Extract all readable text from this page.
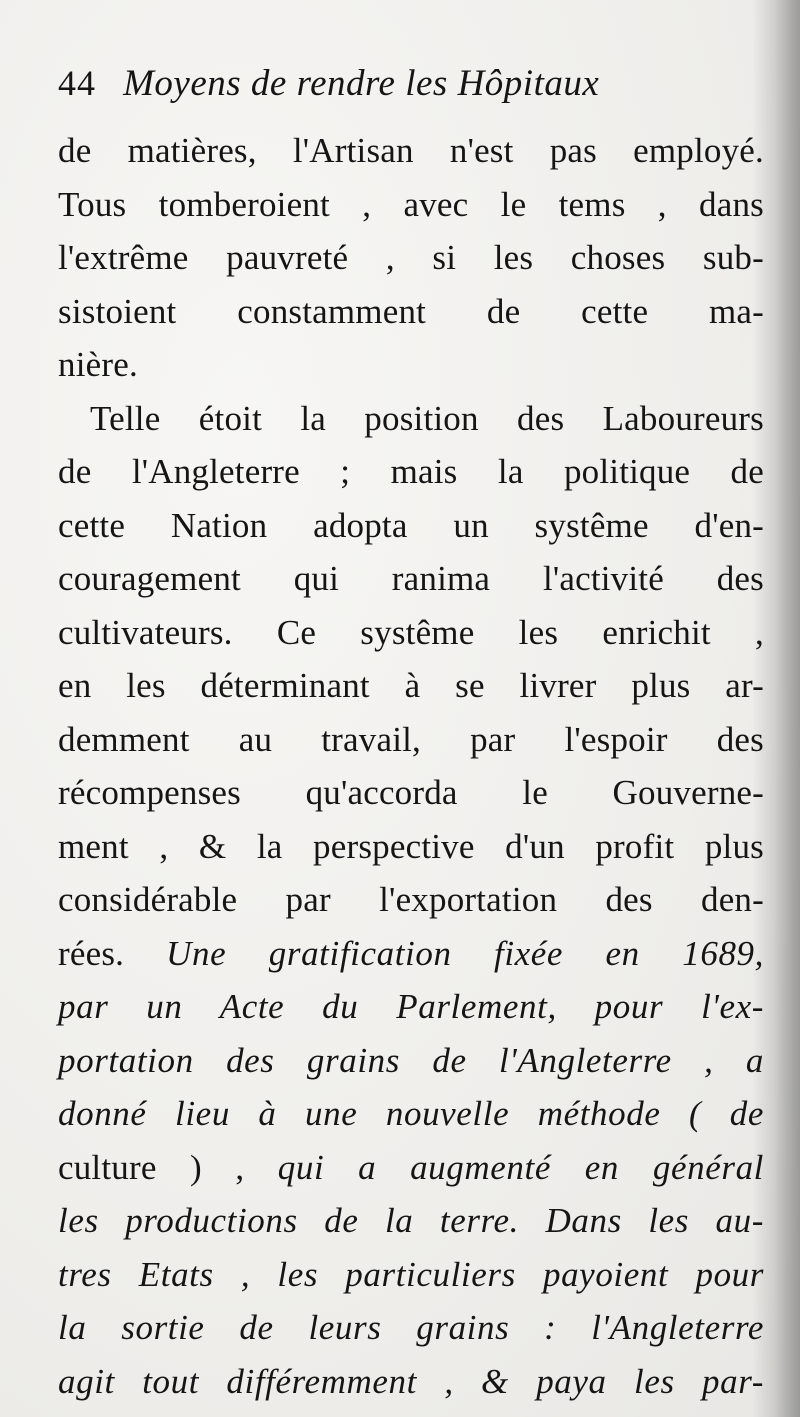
44 Moyens de rendre les Hôpitaux
de matières, l'Artisan n'est pas employé.
Tous tomberoient , avec le tems , dans
l'extrême pauvreté , si les choses sub-
sistoient constamment de cette ma-
nière.
Telle étoit la position des Laboureurs
de l'Angleterre ; mais la politique de
cette Nation adopta un systême d'en-
couragement qui ranima l'activité des
cultivateurs. Ce systême les enrichit ,
en les déterminant à se livrer plus ar-
demment au travail, par l'espoir des
récompenses qu'accorda le Gouverne-
ment , & la perspective d'un profit plus
considérable par l'exportation des den-
rées. Une gratification fixée en 1689,
par un Acte du Parlement, pour l'ex-
portation des grains de l'Angleterre , a
donné lieu à une nouvelle méthode ( de
culture ) , qui a augmenté en général
les productions de la terre. Dans les au-
tres Etats , les particuliers payoient pour
la sortie de leurs grains : l'Angleterre
agit tout différemment , & paya les par-
